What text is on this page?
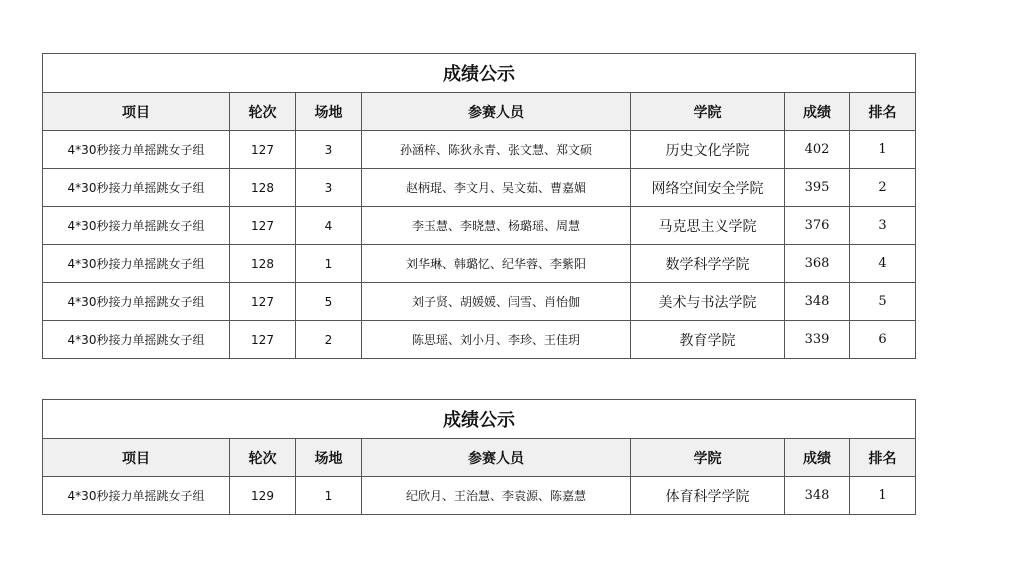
成绩公示						
项目	轮次	场地	参赛人员	学院	成绩	排名
4*30秒接力单摇跳女子组	127	3	孙涵梓、陈狄永青、张文慧、郑文硕	历史文化学院	402	1
4*30秒接力单摇跳女子组	128	3	赵柄琨、李文月、吴文茹、曹嘉媚	网络空间安全学院	395	2
4*30秒接力单摇跳女子组	127	4	李玉慧、李晓慧、杨璐瑶、周慧	马克思主义学院	376	3
4*30秒接力单摇跳女子组	128	1	刘华琳、韩璐忆、纪华蓉、李紫阳	数学科学学院	368	4
4*30秒接力单摇跳女子组	127	5	刘子贤、胡媛媛、闫雪、肖怡伽	美术与书法学院	348	5
4*30秒接力单摇跳女子组	127	2	陈思瑶、刘小月、李珍、王佳玥	教育学院	339	6
成绩公示						
项目	轮次	场地	参赛人员	学院	成绩	排名
4*30秒接力单摇跳女子组	129	1	纪欣月、王治慧、李袁源、陈嘉慧	体育科学学院	348	1
